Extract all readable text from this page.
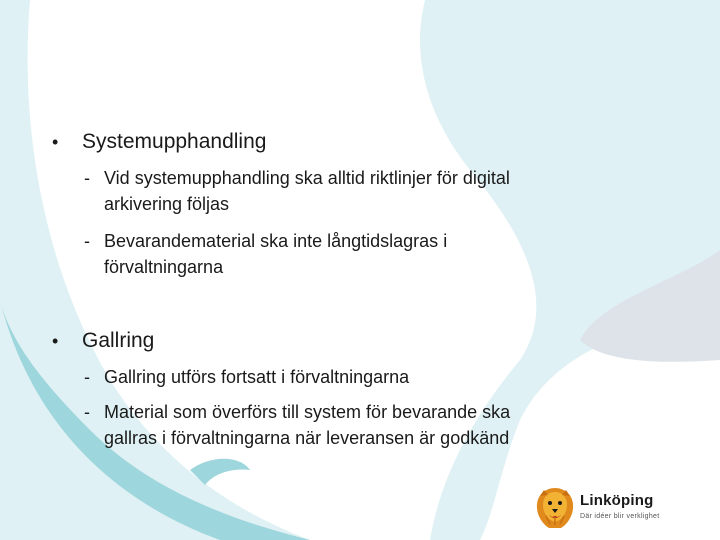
•	Systemupphandling
- Vid systemupphandling ska alltid riktlinjer för digital
arkivering följas
- Bevarandematerial ska inte långtidslagras i
förvaltningarna
•	Gallring
- Gallring utförs fortsatt i förvaltningarna
- Material som överförs till system för bevarande ska
gallras i förvaltningarna när leveransen är godkänd
Linköping
Där idéer blir verklighet
